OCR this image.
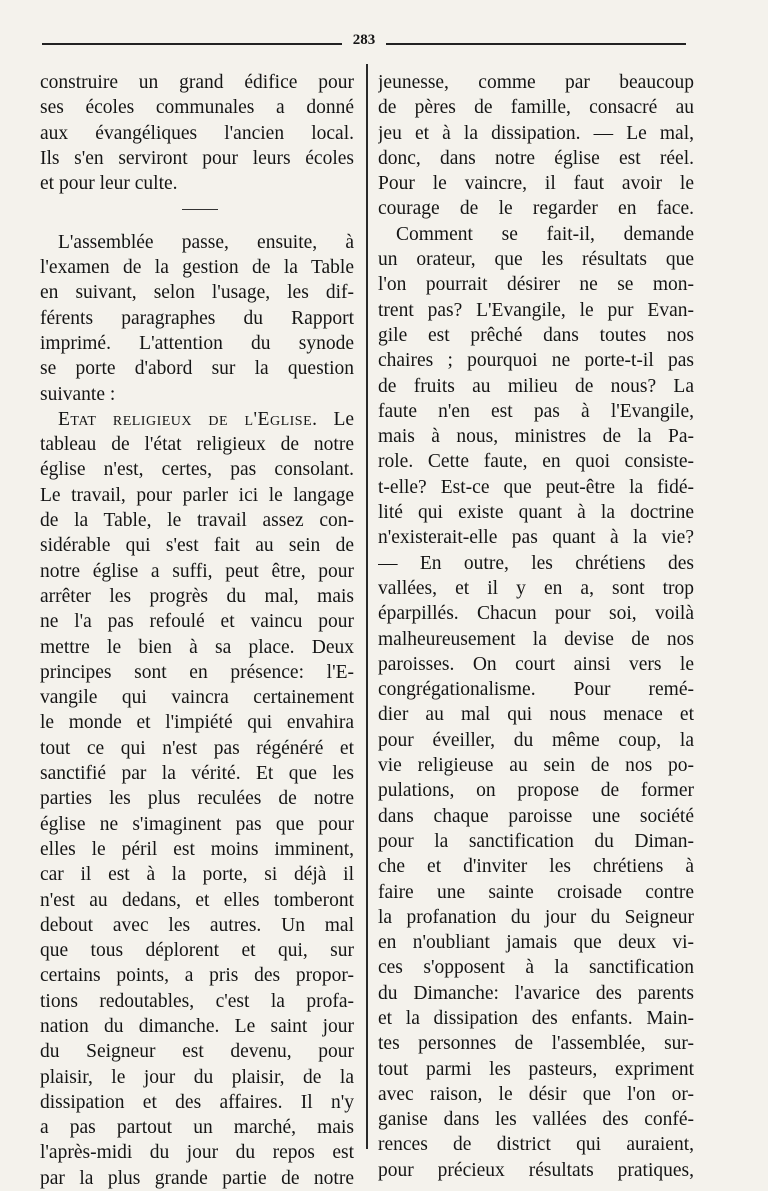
283
construire un grand édifice pour
ses écoles communales a donné
aux évangéliques l'ancien local.
Ils s'en serviront pour leurs écoles
et pour leur culte.
L'assemblée passe, ensuite, à
l'examen de la gestion de la Table
en suivant, selon l'usage, les dif-
férents paragraphes du Rapport
imprimé. L'attention du synode
se porte d'abord sur la question
suivante :
Etat religieux de l'Eglise. Le
tableau de l'état religieux de notre
église n'est, certes, pas consolant.
Le travail, pour parler ici le langage
de la Table, le travail assez con-
sidérable qui s'est fait au sein de
notre église a suffi, peut être, pour
arrêter les progrès du mal, mais
ne l'a pas refoulé et vaincu pour
mettre le bien à sa place. Deux
principes sont en présence: l'E-
vangile qui vaincra certainement
le monde et l'impiété qui envahira
tout ce qui n'est pas régénéré et
sanctifié par la vérité. Et que les
parties les plus reculées de notre
église ne s'imaginent pas que pour
elles le péril est moins imminent,
car il est à la porte, si déjà il
n'est au dedans, et elles tomberont
debout avec les autres. Un mal
que tous déplorent et qui, sur
certains points, a pris des propor-
tions redoutables, c'est la profa-
nation du dimanche. Le saint jour
du Seigneur est devenu, pour
plaisir, le jour du plaisir, de la
dissipation et des affaires. Il n'y
a pas partout un marché, mais
l'après-midi du jour du repos est
par la plus grande partie de notre
jeunesse, comme par beaucoup
de pères de famille, consacré au
jeu et à la dissipation. — Le mal,
donc, dans notre église est réel.
Pour le vaincre, il faut avoir le
courage de le regarder en face.
Comment se fait-il, demande
un orateur, que les résultats que
l'on pourrait désirer ne se mon-
trent pas? L'Evangile, le pur Evan-
gile est prêché dans toutes nos
chaires ; pourquoi ne porte-t-il pas
de fruits au milieu de nous? La
faute n'en est pas à l'Evangile,
mais à nous, ministres de la Pa-
role. Cette faute, en quoi consiste-
t-elle? Est-ce que peut-être la fidé-
lité qui existe quant à la doctrine
n'existerait-elle pas quant à la vie?
— En outre, les chrétiens des
vallées, et il y en a, sont trop
éparpillés. Chacun pour soi, voilà
malheureusement la devise de nos
paroisses. On court ainsi vers le
congrégationalisme. Pour remé-
dier au mal qui nous menace et
pour éveiller, du même coup, la
vie religieuse au sein de nos po-
pulations, on propose de former
dans chaque paroisse une société
pour la sanctification du Diman-
che et d'inviter les chrétiens à
faire une sainte croisade contre
la profanation du jour du Seigneur
en n'oubliant jamais que deux vi-
ces s'opposent à la sanctification
du Dimanche: l'avarice des parents
et la dissipation des enfants. Main-
tes personnes de l'assemblée, sur-
tout parmi les pasteurs, expriment
avec raison, le désir que l'on or-
ganise dans les vallées des confé-
rences de district qui auraient,
pour précieux résultats pratiques,
